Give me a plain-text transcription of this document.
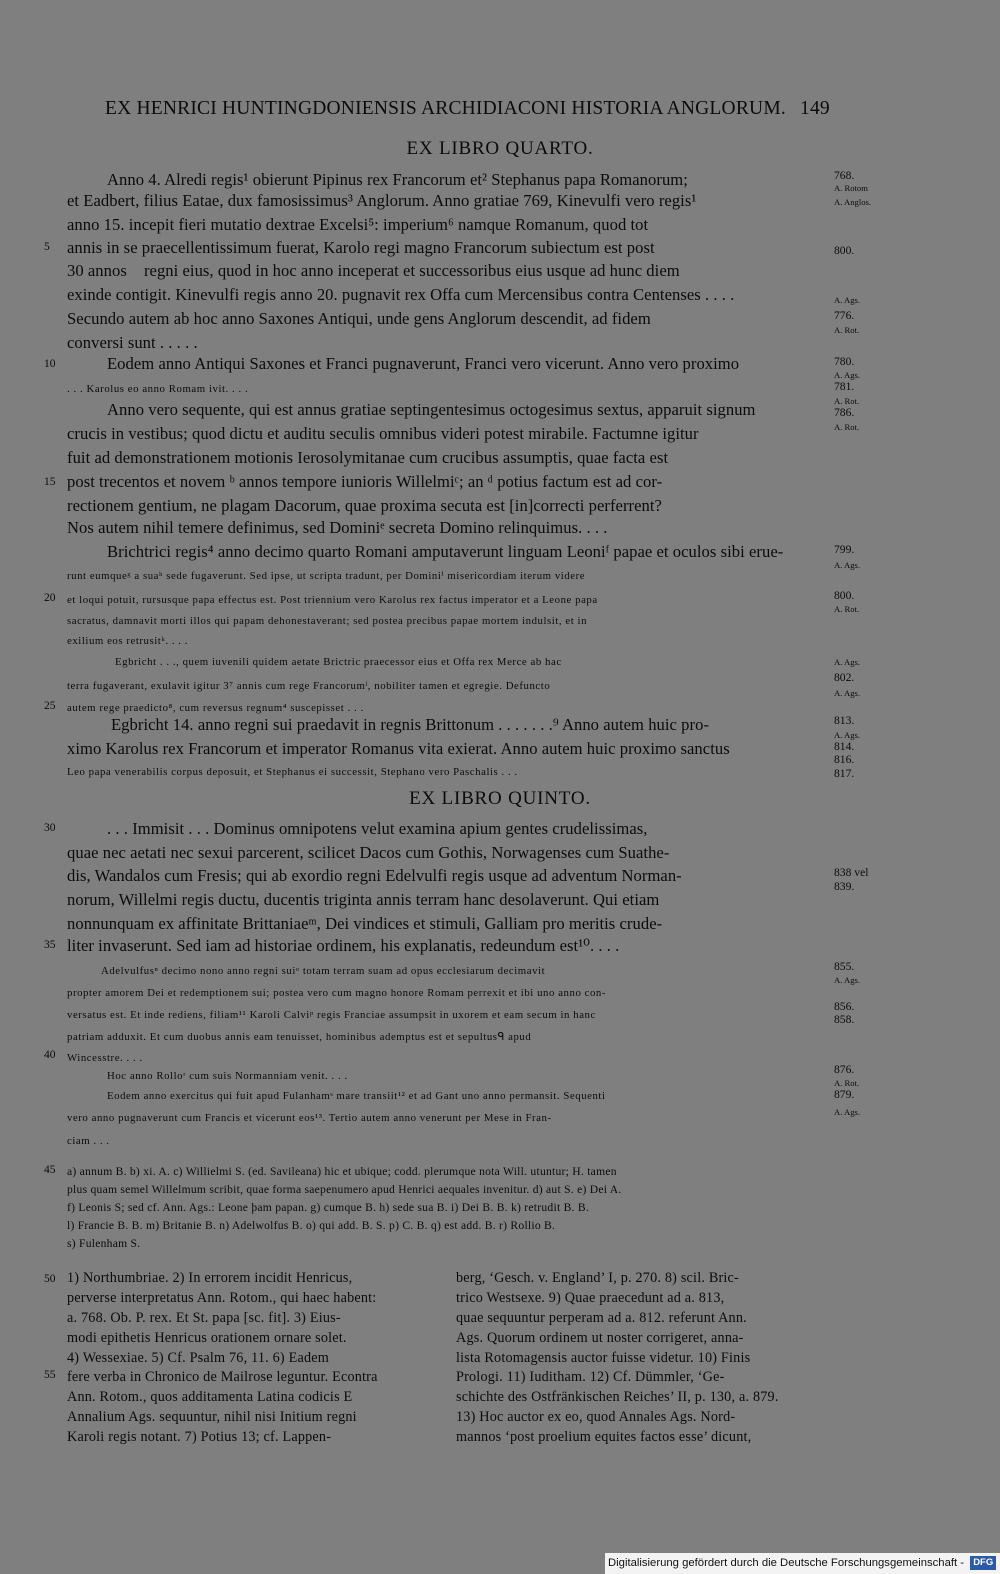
EX HENRICI HUNTINGDONIENSIS ARCHIDIACONI HISTORIA ANGLORUM. 149
EX LIBRO QUARTO.
EX LIBRO QUINTO.
Anno 4. Alredi regis¹ obierunt Pipinus rex Francorum et² Stephanus papa Romanorum;
et Eadbert, filius Eatae, dux famosissimus³ Anglorum. Anno gratiae 769, Kinevulfi vero regis¹
anno 15. incepit fieri mutatio dextrae Excelsi⁵: imperium⁶ namque Romanum, quod tot
annis in se praecellentissimum fuerat, Karolo regi magno Francorum subiectum est post
30 annos᪰ regni eius, quod in hoc anno inceperat et successoribus eius usque ad hunc diem
exinde contigit. Kinevulfi regis anno 20. pugnavit rex Offa cum Mercensibus contra Centenses . . . .
Secundo autem ab hoc anno Saxones Antiqui, unde gens Anglorum descendit, ad fidem
conversi sunt . . . . .
Eodem anno Antiqui Saxones et Franci pugnaverunt, Franci vero vicerunt. Anno vero proximo
. . . Karolus eo anno Romam ivit. . . .
Anno vero sequente, qui est annus gratiae septingentesimus octogesimus sextus, apparuit signum
crucis in vestibus; quod dictu et auditu seculis omnibus videri potest mirabile. Factumne igitur
fuit ad demonstrationem motionis Ierosolymitanae cum crucibus assumptis, quae facta est
post trecentos et novem ᵇ annos tempore iunioris Willelmiᶜ; an ᵈ potius factum est ad cor-
rectionem gentium, ne plagam Dacorum, quae proxima secuta est [in]correcti perferrent?
Nos autem nihil temere definimus, sed Dominiᵉ secreta Domino relinquimus. . . .
Brichtrici regis⁴ anno decimo quarto Romani amputaverunt linguam Leoniᶠ papae et oculos sibi erue-
runt eumqueᵍ a suaʰ sede fugaverunt. Sed ipse, ut scripta tradunt, per Dominiⁱ misericordiam iterum videre
et loqui potuit, rursusque papa effectus est. Post triennium vero Karolus rex factus imperator et a Leone papa
sacratus, damnavit morti illos qui papam dehonestaverant; sed postea precibus papae mortem indulsit, et in
exilium eos retrusitᵏ. . . .
Egbricht . . ., quem iuvenili quidem aetate Brictric praecessor eius et Offa rex Merce ab hac
terra fugaverant, exulavit igitur 3⁷ annis cum rege Francorumˡ, nobiliter tamen et egregie. Defuncto
autem rege praedicto⁸, cum reversus regnum⁴ suscepisset . . .
Egbricht 14. anno regni sui praedavit in regnis Brittonum . . . . . . .⁹ Anno autem huic pro-
ximo Karolus rex Francorum et imperator Romanus vita exierat. Anno autem huic proximo sanctus
Leo papa venerabilis corpus deposuit, et Stephanus ei successit, Stephano vero Paschalis . . .
. . . Immisit . . . Dominus omnipotens velut examina apium gentes crudelissimas,
quae nec aetati nec sexui parcerent, scilicet Dacos cum Gothis, Norwagenses cum Suathe-
dis, Wandalos cum Fresis; qui ab exordio regni Edelvulfi regis usque ad adventum Norman-
norum, Willelmi regis ductu, ducentis triginta annis terram hanc desolaverunt. Qui etiam
nonnunquam ex affinitate Brittaniaeᵐ, Dei vindices et stimuli, Galliam pro meritis crude-
liter invaserunt. Sed iam ad historiae ordinem, his explanatis, redeundum est¹⁰. . . .
Adelvulfusⁿ decimo nono anno regni suiᵒ totam terram suam ad opus ecclesiarum decimavit
propter amorem Dei et redemptionem sui; postea vero cum magno honore Romam perrexit et ibi uno anno con-
versatus est. Et inde rediens, filiam¹¹ Karoli Calviᵖ regis Franciae assumpsit in uxorem et eam secum in hanc
patriam adduxit. Et cum duobus annis eam tenuisset, hominibus ademptus est et sepultusᑫ apud
Wincesstre. . . .
Hoc anno Rolloʳ cum suis Normanniam venit. . . .
Eodem anno exercitus qui fuit apud Fulanhamˢ mare transiit¹² et ad Gant uno anno permansit. Sequenti
vero anno pugnaverunt cum Francis et vicerunt eos¹³. Tertio autem anno venerunt per Mese in Fran-
ciam . . .
a) annum B. b) xi. A. c) Willielmi S. (ed. Savileana) hic et ubique; codd. plerumque nota Will. utuntur; H. tamen
plus quam semel Willelmum scribit, quae forma saepenumero apud Henrici aequales invenitur. d) aut S. e) Dei A.
f) Leonis S; sed cf. Ann. Ags.: Leone þam papan. g) cumque B. h) sede sua B. i) Dei B. B. k) retrudit B. B.
l) Francie B. B. m) Britanie B. n) Adelwolfus B. o) qui add. B. S. p) C. B. q) est add. B. r) Rollio B.
s) Fulenham S.
5
10
15
20
25
30
35
40
45
50
55
768.
A. Rotom
A. Anglos.
800.
A. Ags.
776.
A. Rot.
780.
A. Ags.
781.
A. Rot.
786.
A. Rot.
799.
A. Ags.
800.
A. Rot.
A. Ags.
802.
A. Ags.
813.
A. Ags.
814.
816.
817.
838 vel
839.
855.
A. Ags.
856.
858.
876.
A. Rot.
879.
A. Ags.
1) Northumbriae. 2) In errorem incidit Henricus,
perverse interpretatus Ann. Rotom., qui haec habent:
a. 768. Ob. P. rex. Et St. papa [sc. fit]. 3) Eius-
modi epithetis Henricus orationem ornare solet.
4) Wessexiae. 5) Cf. Psalm 76, 11. 6) Eadem
fere verba in Chronico de Mailrose leguntur. Econtra
Ann. Rotom., quos additamenta Latina codicis E
Annalium Ags. sequuntur, nihil nisi Initium regni
Karoli regis notant. 7) Potius 13; cf. Lappen-
berg, ‘Gesch. v. England’ I, p. 270. 8) scil. Bric-
trico Westsexe. 9) Quae praecedunt ad a. 813,
quae sequuntur perperam ad a. 812. referunt Ann.
Ags. Quorum ordinem ut noster corrigeret, anna-
lista Rotomagensis auctor fuisse videtur. 10) Finis
Prologi. 11) Iuditham. 12) Cf. Dümmler, ‘Ge-
schichte des Ostfränkischen Reiches’ II, p. 130, a. 879.
13) Hoc auctor ex eo, quod Annales Ags. Nord-
mannos ‘post proelium equites factos esse’ dicunt,
Digitalisierung gefördert durch die Deutsche Forschungsgemeinschaft - DFG
